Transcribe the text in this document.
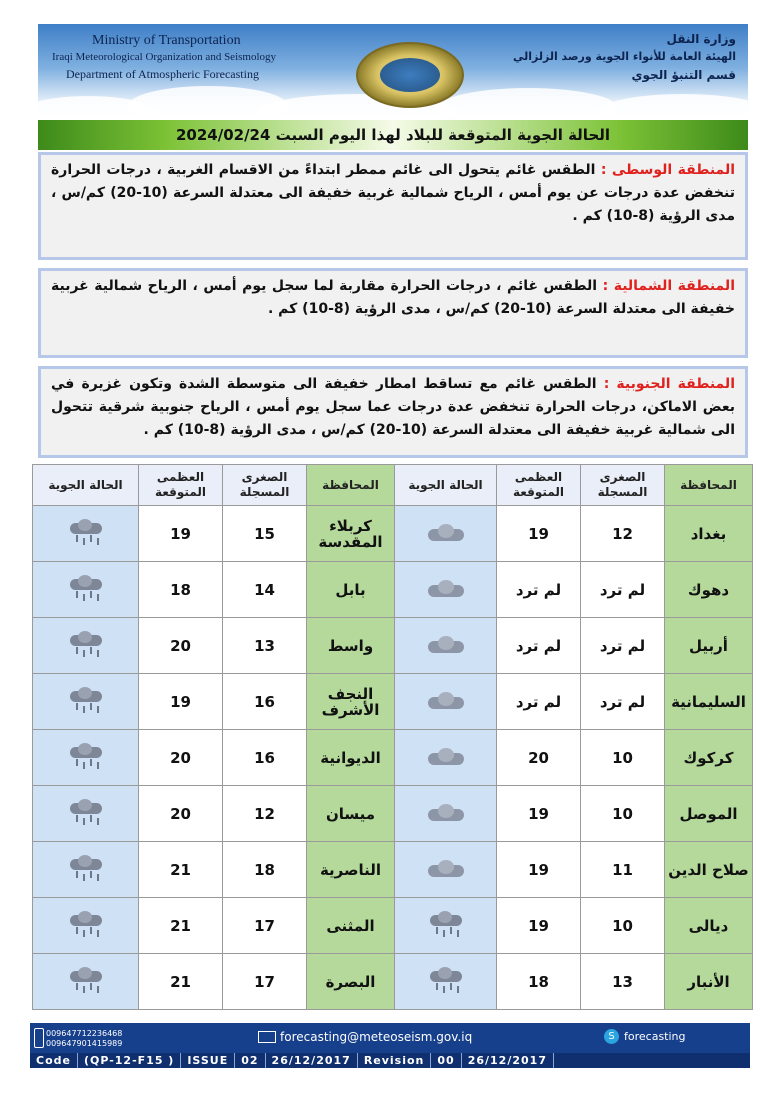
Ministry of Transportation
Iraqi Meteorological Organization and Seismology
Department of Atmospheric Forecasting
وزارة النقل
الهيئة العامة للأنواء الجوية ورصد الزلزالي
قسم التنبؤ الجوي
الحالة الجوية المتوقعة للبلاد لهذا اليوم السبت 2024/02/24
المنطقة الوسطى : الطقس غائم يتحول الى غائم ممطر ابتداءً من الاقسام الغربية ، درجات الحرارة تنخفض عدة درجات عن يوم أمس ، الرياح شمالية غربية خفيفة الى معتدلة السرعة (10-20) كم/س ، مدى الرؤية (8-10) كم .
المنطقة الشمالية : الطقس غائم ، درجات الحرارة مقاربة لما سجل يوم أمس ، الرياح شمالية غربية خفيفة الى معتدلة السرعة (10-20) كم/س ، مدى الرؤية (8-10) كم .
المنطقة الجنوبية : الطقس غائم مع تساقط امطار خفيفة الى متوسطة الشدة وتكون غزيرة في بعض الاماكن، درجات الحرارة تنخفض عدة درجات عما سجل يوم أمس ، الرياح جنوبية شرقية تتحول الى شمالية غربية خفيفة الى معتدلة السرعة (10-20) كم/س ، مدى الرؤية (8-10) كم .
المحافظة	الصغرى المسجلة	العظمى المتوقعة	الحالة الجوية	المحافظة	الصغرى المسجلة	العظمى المتوقعة	الحالة الجوية
بغداد	12	19		كربلاء المقدسة	15	19	

دهوك	لم ترد	لم ترد		بابل	14	18	

أربيل	لم ترد	لم ترد		واسط	13	20	

السليمانية	لم ترد	لم ترد		النجف الأشرف	16	19	

كركوك	10	20		الديوانية	16	20	

الموصل	10	19		ميسان	12	20	

صلاح الدين	11	19		الناصرية	18	21	

ديالى	10	19		المثنى	17	21	

الأنبار	13	18		البصرة	17	21	
009647712236468
009647901415989	forecasting@meteoseism.gov.iq	S forecasting
Code	(QP-12-F15 )	ISSUE	02	26/12/2017	Revision	00	26/12/2017
